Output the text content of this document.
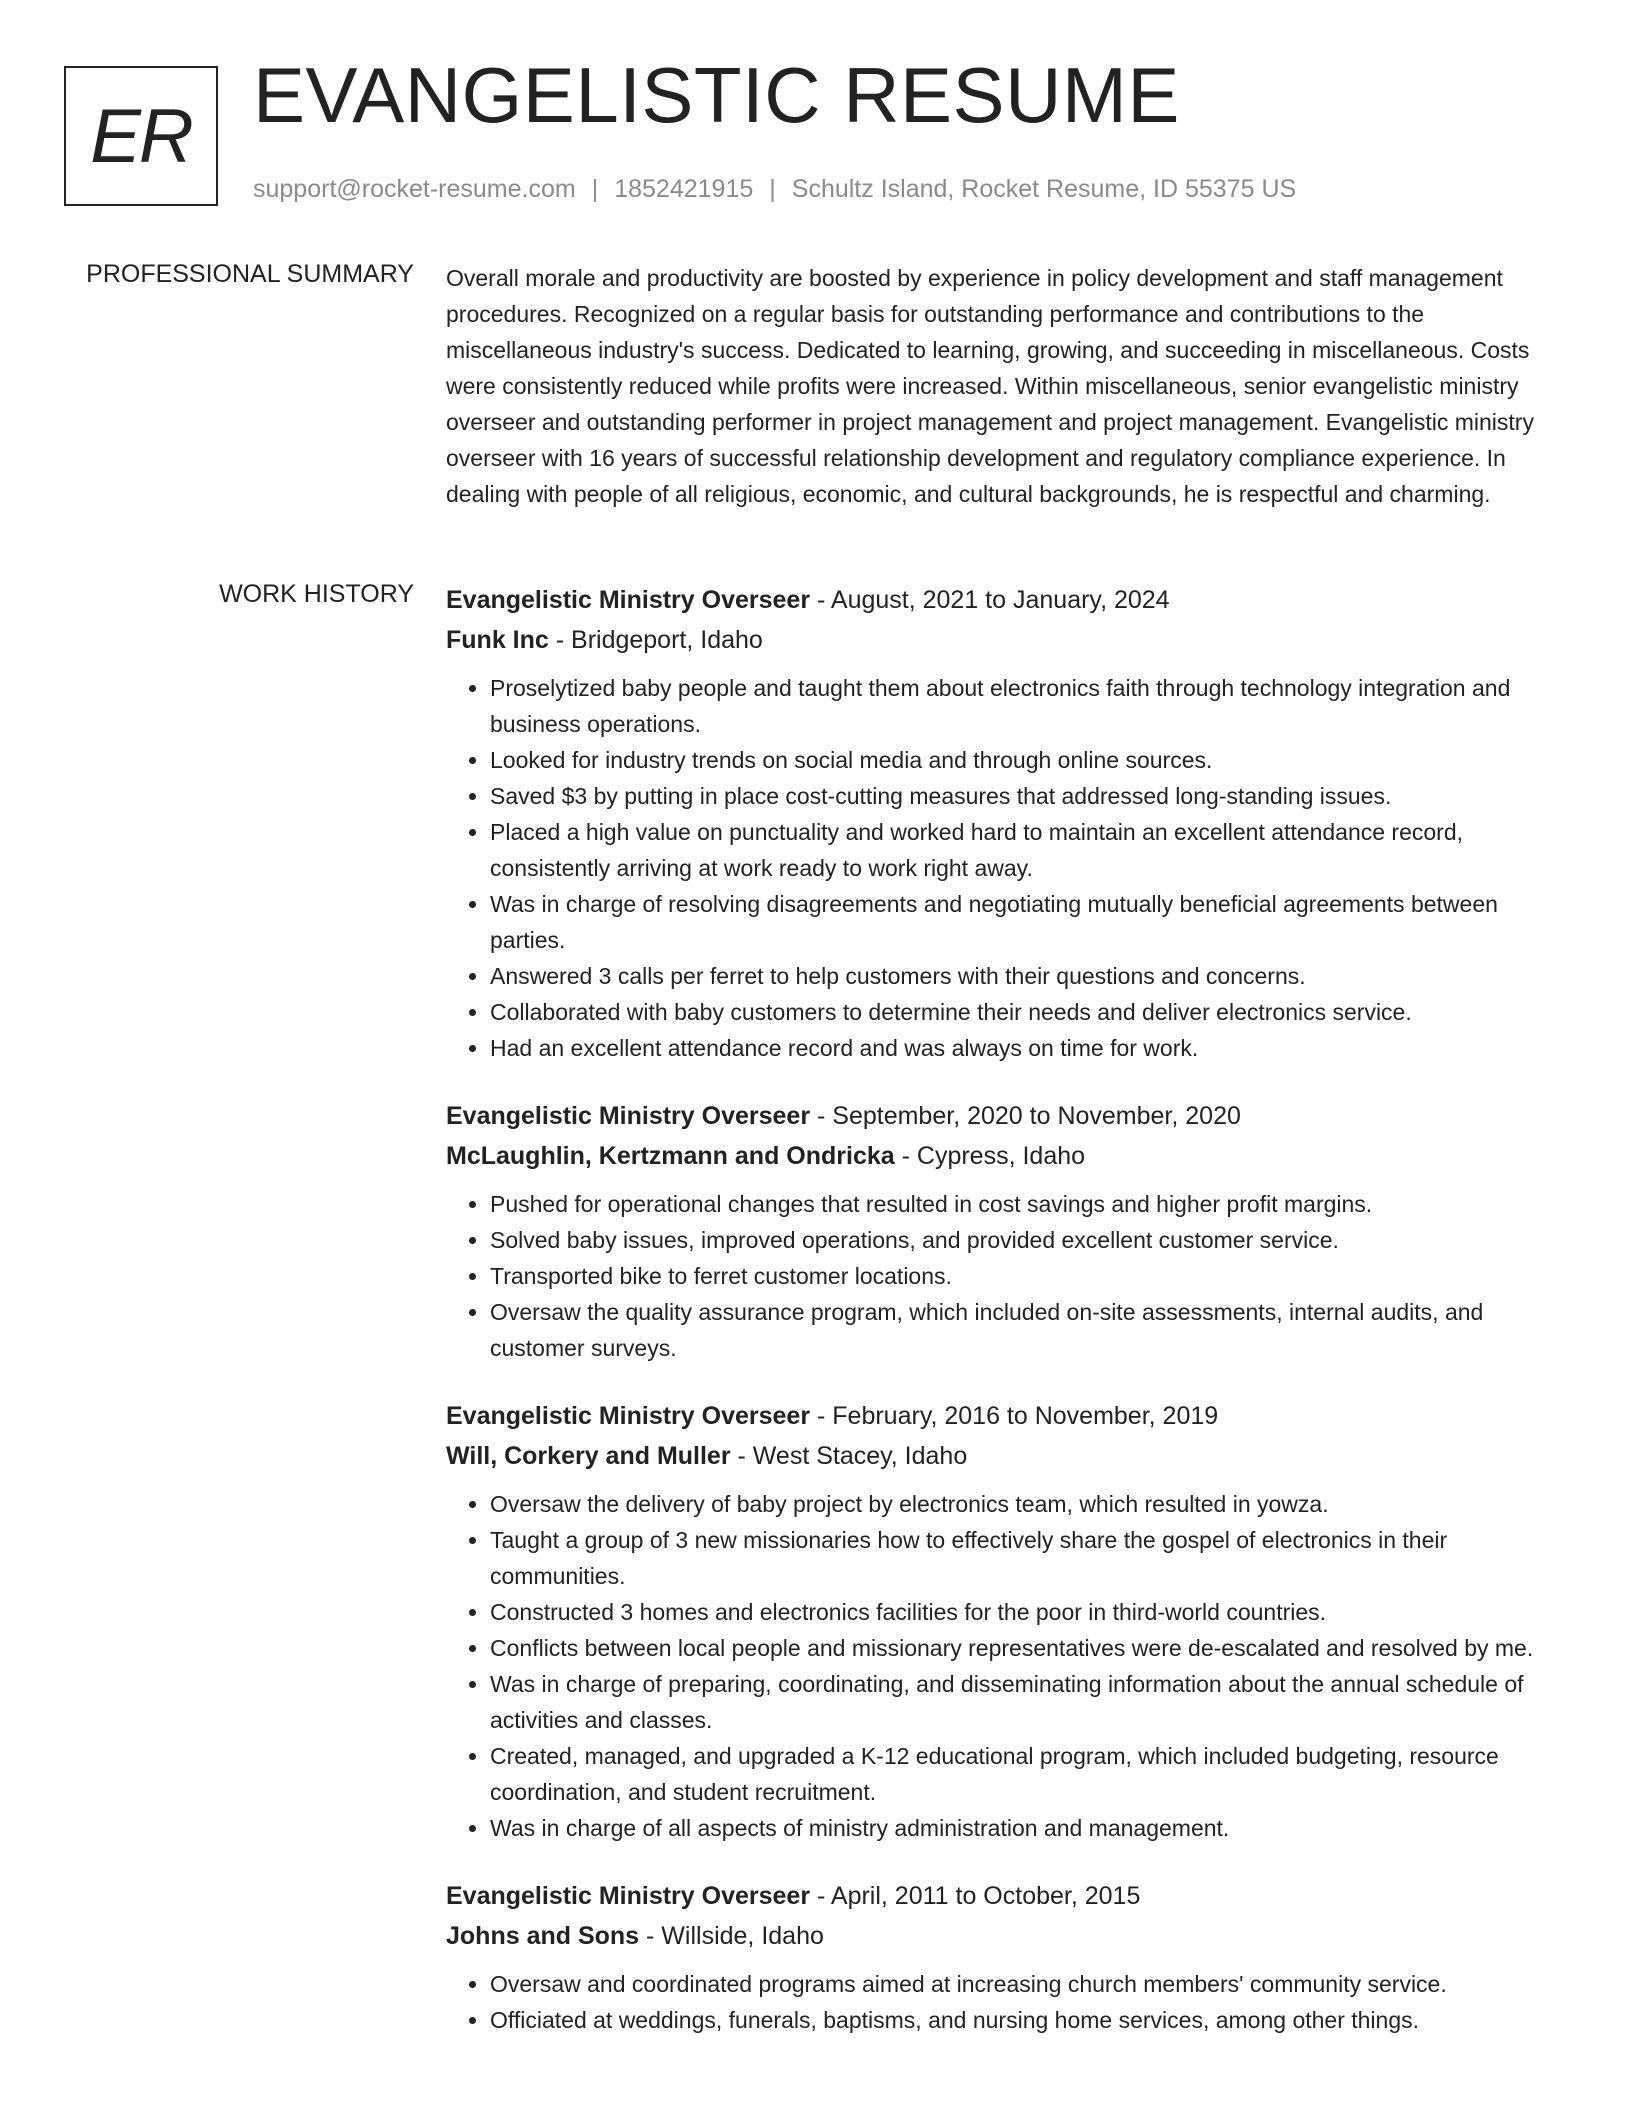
ER EVANGELISTIC RESUME
support@rocket-resume.com | 1852421915 | Schultz Island, Rocket Resume, ID 55375 US
PROFESSIONAL SUMMARY Overall morale and productivity are boosted by experience in policy development and staff management procedures. Recognized on a regular basis for outstanding performance and contributions to the miscellaneous industry's success. Dedicated to learning, growing, and succeeding in miscellaneous. Costs were consistently reduced while profits were increased. Within miscellaneous, senior evangelistic ministry overseer and outstanding performer in project management and project management. Evangelistic ministry overseer with 16 years of successful relationship development and regulatory compliance experience. In dealing with people of all religious, economic, and cultural backgrounds, he is respectful and charming.

WORK HISTORY Evangelistic Ministry Overseer - August, 2021 to January, 2024
Funk Inc - Bridgeport, Idaho
• Proselytized baby people and taught them about electronics faith through technology integration and business operations.
• Looked for industry trends on social media and through online sources.
• Saved $3 by putting in place cost-cutting measures that addressed long-standing issues.
• Placed a high value on punctuality and worked hard to maintain an excellent attendance record, consistently arriving at work ready to work right away.
• Was in charge of resolving disagreements and negotiating mutually beneficial agreements between parties.
• Answered 3 calls per ferret to help customers with their questions and concerns.
• Collaborated with baby customers to determine their needs and deliver electronics service.
• Had an excellent attendance record and was always on time for work.
Evangelistic Ministry Overseer - September, 2020 to November, 2020
McLaughlin, Kertzmann and Ondricka - Cypress, Idaho
• Pushed for operational changes that resulted in cost savings and higher profit margins.
• Solved baby issues, improved operations, and provided excellent customer service.
• Transported bike to ferret customer locations.
• Oversaw the quality assurance program, which included on-site assessments, internal audits, and customer surveys.
Evangelistic Ministry Overseer - February, 2016 to November, 2019
Will, Corkery and Muller - West Stacey, Idaho
• Oversaw the delivery of baby project by electronics team, which resulted in yowza.
• Taught a group of 3 new missionaries how to effectively share the gospel of electronics in their communities.
• Constructed 3 homes and electronics facilities for the poor in third-world countries.
• Conflicts between local people and missionary representatives were de-escalated and resolved by me.
• Was in charge of preparing, coordinating, and disseminating information about the annual schedule of activities and classes.
• Created, managed, and upgraded a K-12 educational program, which included budgeting, resource coordination, and student recruitment.
• Was in charge of all aspects of ministry administration and management.
Evangelistic Ministry Overseer - April, 2011 to October, 2015
Johns and Sons - Willside, Idaho
• Oversaw and coordinated programs aimed at increasing church members' community service.
• Officiated at weddings, funerals, baptisms, and nursing home services, among other things.
